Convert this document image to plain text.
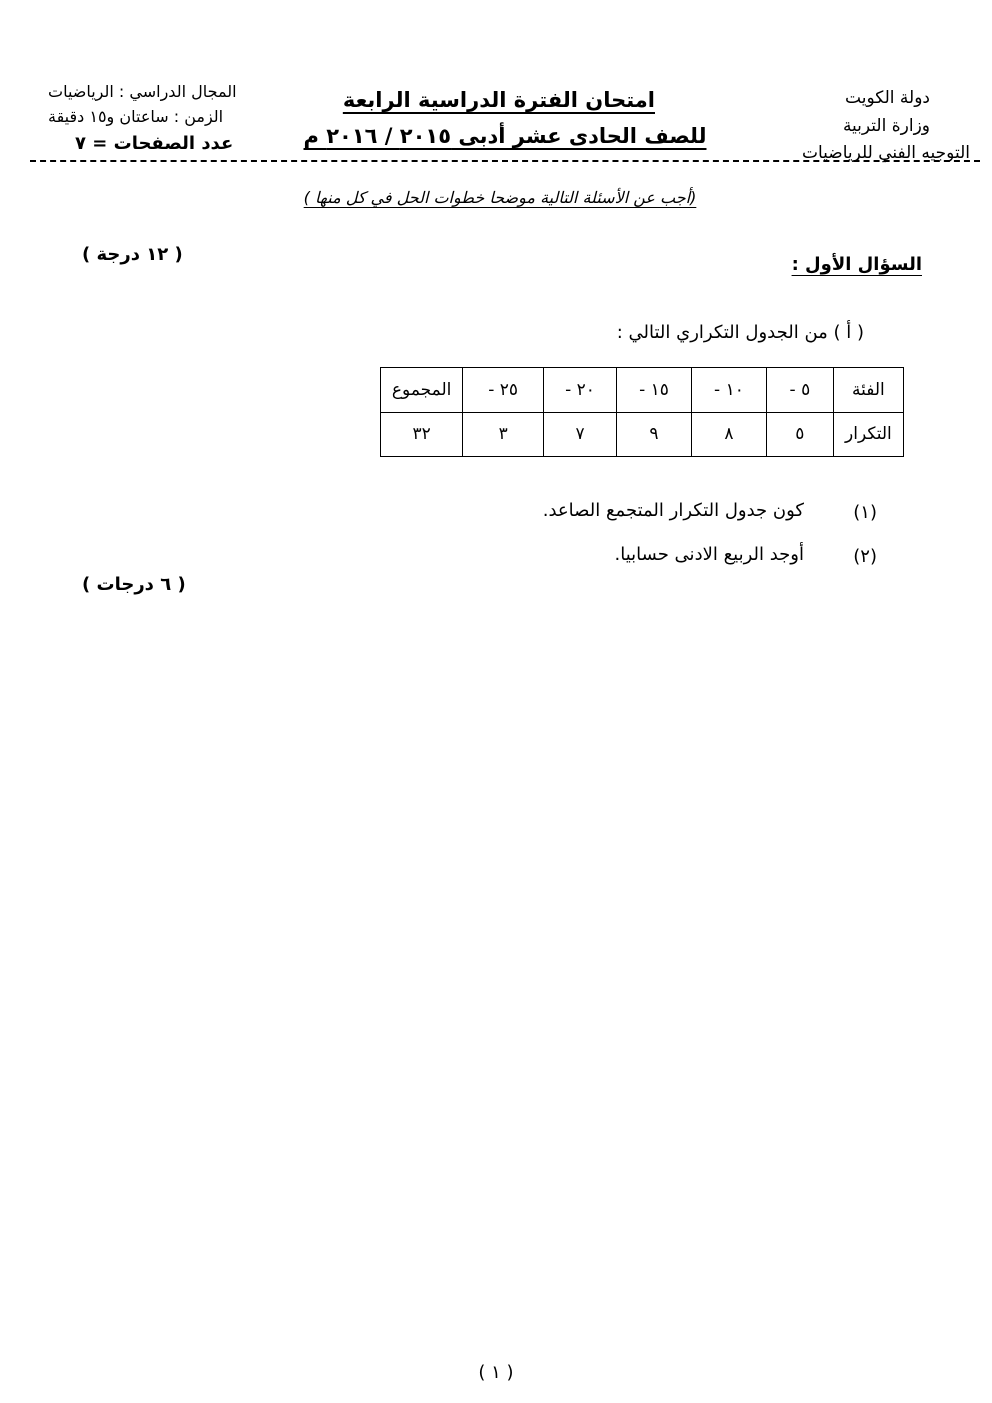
دولة الكويت
وزارة التربية
التوجيه الفني للرياضيات
امتحان الفترة الدراسية الرابعة
للصف الحادى عشر أدبى ٢٠١٥ / ٢٠١٦ م
المجال الدراسي : الرياضيات
الزمن : ساعتان و١٥ دقيقة
عدد الصفحات = ٧
(أجب عن الأسئلة التالية موضحا خطوات الحل في كل منها )
السؤال الأول :
( ١٢ درجة )
( أ ) من الجدول التكراري التالي :
الفئة	٥ -	١٠ -	١٥ -	٢٠ -	٢٥ -	المجموع
التكرار	٥	٨	٩	٧	٣	٣٢
(١)
كون جدول التكرار المتجمع الصاعد.
(٢)
أوجد الربيع الادنى حسابيا.
( ٦ درجات )
( ١ )
